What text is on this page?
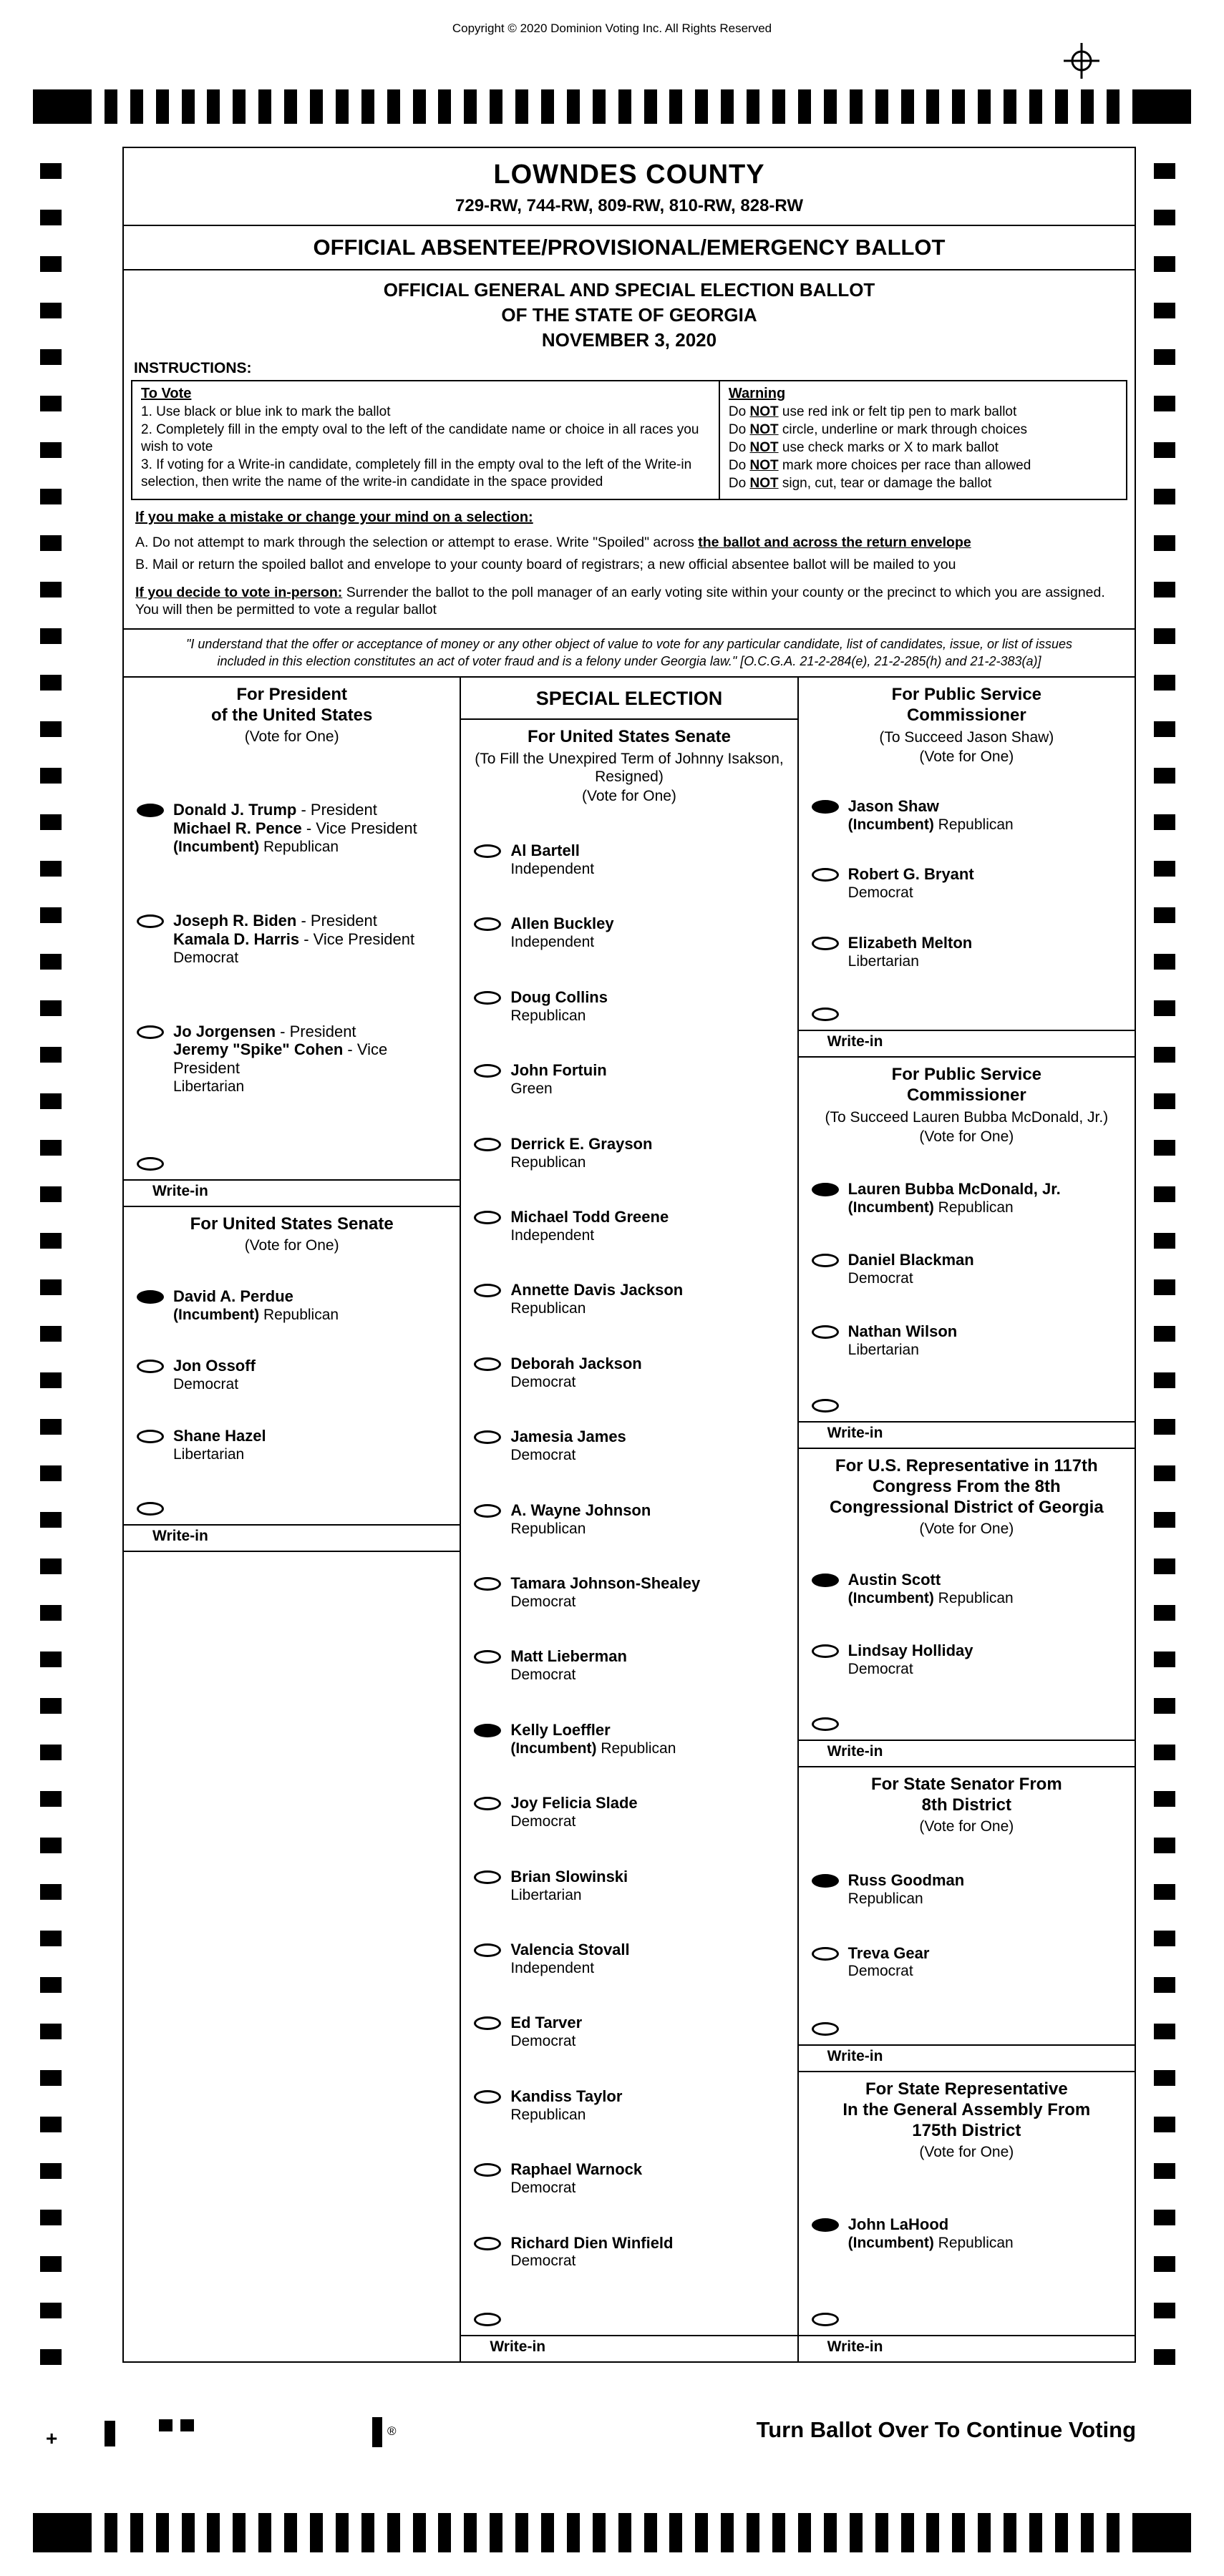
Copyright © 2020 Dominion Voting Inc. All Rights Reserved
LOWNDES COUNTY
729-RW, 744-RW, 809-RW, 810-RW, 828-RW
OFFICIAL ABSENTEE/PROVISIONAL/EMERGENCY BALLOT
OFFICIAL GENERAL AND SPECIAL ELECTION BALLOT
OF THE STATE OF GEORGIA
NOVEMBER 3, 2020
INSTRUCTIONS:
To Vote
1. Use black or blue ink to mark the ballot
2. Completely fill in the empty oval to the left of the candidate name or choice in all races you wish to vote
3. If voting for a Write-in candidate, completely fill in the empty oval to the left of the Write-in selection, then write the name of the write-in candidate in the space provided
Warning
Do NOT use red ink or felt tip pen to mark ballot
Do NOT circle, underline or mark through choices
Do NOT use check marks or X to mark ballot
Do NOT mark more choices per race than allowed
Do NOT sign, cut, tear or damage the ballot
If you make a mistake or change your mind on a selection:
A. Do not attempt to mark through the selection or attempt to erase. Write "Spoiled" across the ballot and across the return envelope
B. Mail or return the spoiled ballot and envelope to your county board of registrars; a new official absentee ballot will be mailed to you
If you decide to vote in-person: Surrender the ballot to the poll manager of an early voting site within your county or the precinct to which you are assigned. You will then be permitted to vote a regular ballot
"I understand that the offer or acceptance of money or any other object of value to vote for any particular candidate, list of candidates, issue, or list of issues included in this election constitutes an act of voter fraud and is a felony under Georgia law." [O.C.G.A. 21-2-284(e), 21-2-285(h) and 21-2-383(a)]
For President
of the United States
(Vote for One)
Donald J. Trump - President
Michael R. Pence - Vice President
(Incumbent) Republican
Joseph R. Biden - President
Kamala D. Harris - Vice President
Democrat
Jo Jorgensen - President
Jeremy "Spike" Cohen - Vice President
Libertarian
Write-in
For United States Senate
(Vote for One)
David A. Perdue
(Incumbent) Republican
Jon Ossoff
Democrat
Shane Hazel
Libertarian
Write-in
SPECIAL ELECTION
For United States Senate
(To Fill the Unexpired Term of Johnny Isakson, Resigned)
(Vote for One)
Al Bartell
Independent
Allen Buckley
Independent
Doug Collins
Republican
John Fortuin
Green
Derrick E. Grayson
Republican
Michael Todd Greene
Independent
Annette Davis Jackson
Republican
Deborah Jackson
Democrat
Jamesia James
Democrat
A. Wayne Johnson
Republican
Tamara Johnson-Shealey
Democrat
Matt Lieberman
Democrat
Kelly Loeffler
(Incumbent) Republican
Joy Felicia Slade
Democrat
Brian Slowinski
Libertarian
Valencia Stovall
Independent
Ed Tarver
Democrat
Kandiss Taylor
Republican
Raphael Warnock
Democrat
Richard Dien Winfield
Democrat
Write-in
For Public Service
Commissioner
(To Succeed Jason Shaw)
(Vote for One)
Jason Shaw
(Incumbent) Republican
Robert G. Bryant
Democrat
Elizabeth Melton
Libertarian
Write-in
For Public Service
Commissioner
(To Succeed Lauren Bubba McDonald, Jr.)
(Vote for One)
Lauren Bubba McDonald, Jr.
(Incumbent) Republican
Daniel Blackman
Democrat
Nathan Wilson
Libertarian
Write-in
For U.S. Representative in 117th
Congress From the 8th
Congressional District of Georgia
(Vote for One)
Austin Scott
(Incumbent) Republican
Lindsay Holliday
Democrat
Write-in
For State Senator From
8th District
(Vote for One)
Russ Goodman
Republican
Treva Gear
Democrat
Write-in
For State Representative
In the General Assembly From
175th District
(Vote for One)
John LaHood
(Incumbent) Republican
Write-in
+	®	Turn Ballot Over To Continue Voting
